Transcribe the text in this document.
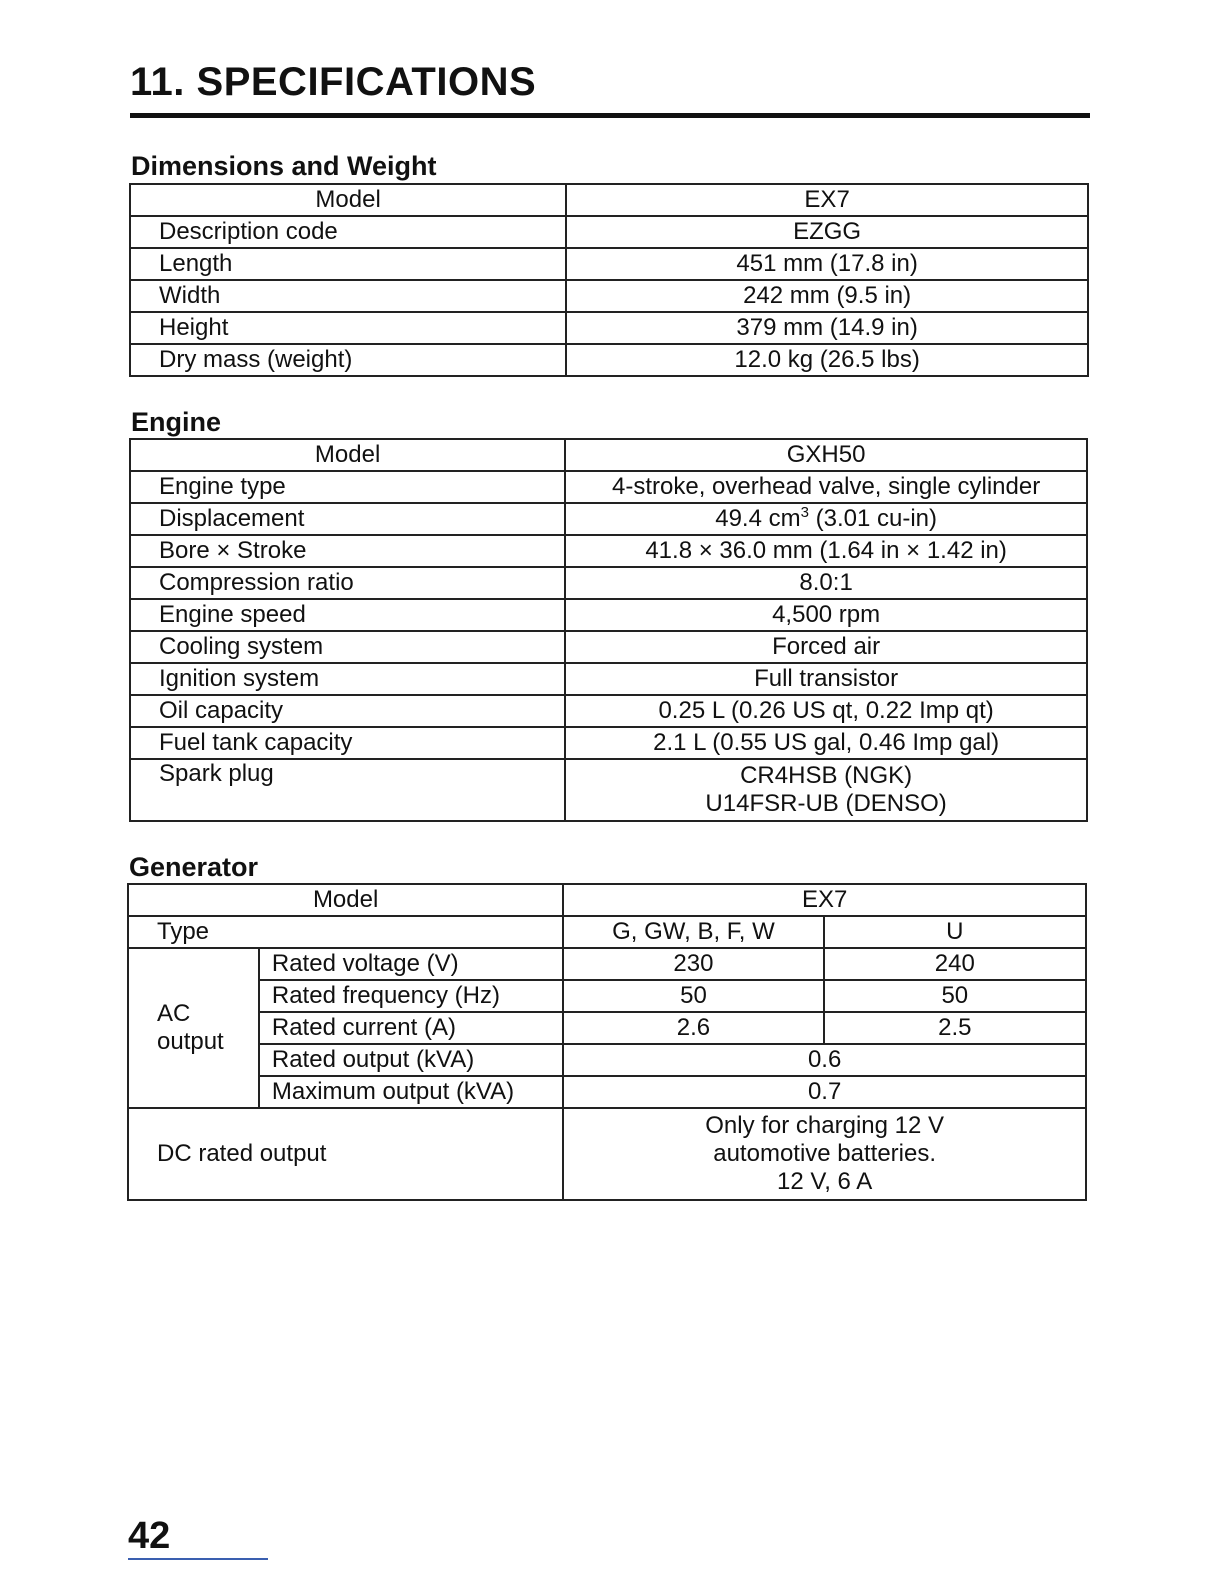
11. SPECIFICATIONS
Dimensions and Weight
Model	EX7
Description code	EZGG
Length	451 mm (17.8 in)
Width	242 mm (9.5 in)
Height	379 mm (14.9 in)
Dry mass (weight)	12.0 kg (26.5 lbs)
Engine
Model	GXH50
Engine type	4-stroke, overhead valve, single cylinder
Displacement	49.4 $cm^3$ (3.01 cu-in)
Bore × Stroke	41.8 × 36.0 mm (1.64 in × 1.42 in)
Compression ratio	8.0:1
Engine speed	4,500 rpm
Cooling system	Forced air
Ignition system	Full transistor
Oil capacity	0.25 L (0.26 US qt, 0.22 Imp qt)
Fuel tank capacity	2.1 L (0.55 US gal, 0.46 Imp gal)
Spark plug	CR4HSB (NGK)
U14FSR-UB (DENSO)
Generator
Model		EX7	
Type		G, GW, B, F, W	U

AC
output	Rated voltage (V)	230	240
	Rated frequency (Hz)	50	50
	Rated current (A)	2.6	2.5
	Rated output (kVA)	0.6	
	Maximum output (kVA)	0.7	
DC rated output		Only for charging 12 V
automotive batteries.
12 V, 6 A	
42
